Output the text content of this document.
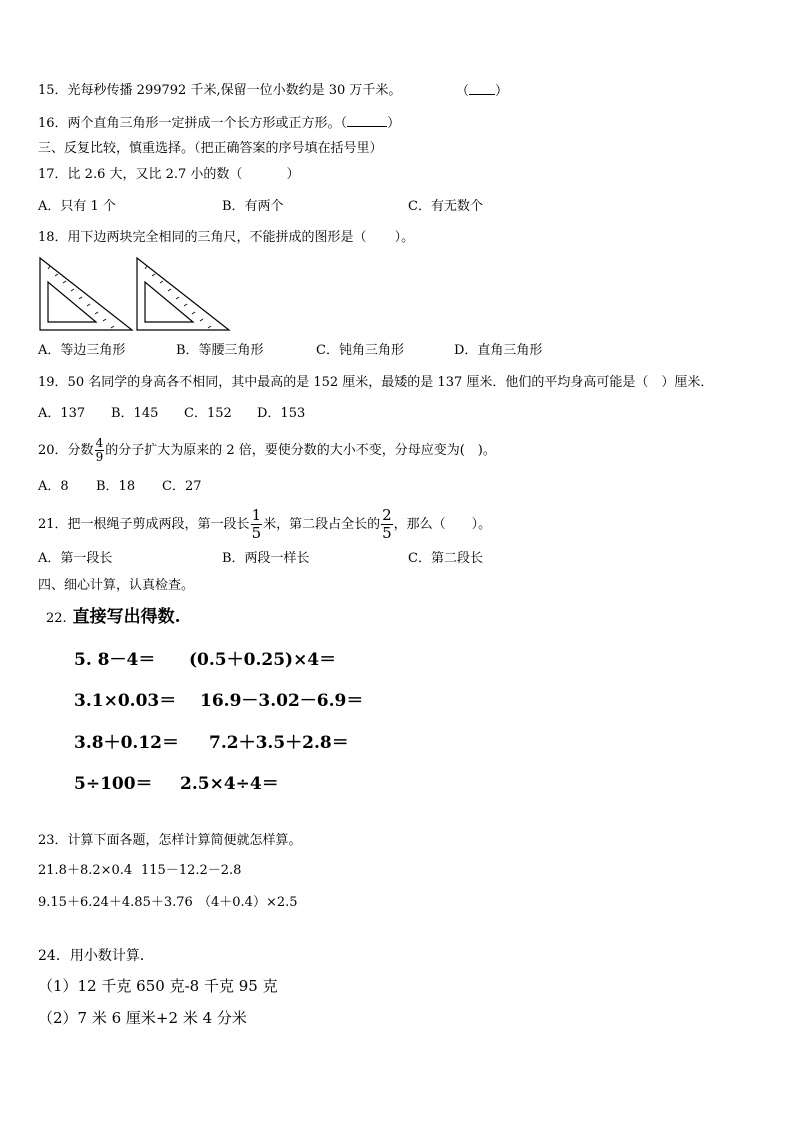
15．光每秒传播 299792 千米,保留一位小数约是 30 万千米。	（ ）
16．两个直角三角形一定拼成一个长方形或正方形。（	）
三、反复比较，慎重选择。（把正确答案的序号填在括号里）
17．比 2.6 大，又比 2.7 小的数（	）
A．只有 1 个	B．有两个	C．有无数个
18．用下边两块完全相同的三角尺，不能拼成的图形是（ ）。
A．等边三角形	B．等腰三角形	C．钝角三角形	D．直角三角形
19．50 名同学的身高各不相同，其中最高的是 152 厘米，最矮的是 137 厘米．他们的平均身高可能是（　）厘米．
A．137 B．145 C．152 D．153
20．分数 $\frac{4}{9}$ 的分子扩大为原来的 2 倍，要使分数的大小不变，分母应变为(　)。
A．8 B．18 C．27
21．把一根绳子剪成两段，第一段长 $\frac{1}{5}$ 米，第二段占全长的 $\frac{2}{5}$ ，那么（　　）。
A．第一段长	B．两段一样长	C．第二段长
四、细心计算，认真检查。
22. 直接写出得数.
5. 8－4＝ (0.5＋0.25)×4＝
3.1×0.03＝ 16.9－3.02－6.9＝
3.8＋0.12＝ 7.2＋3.5＋2.8＝
5÷100＝ 2.5×4÷4＝
23．计算下面各题，怎样计算简便就怎样算。
21.8＋8.2×0.4 115－12.2－2.8
9.15＋6.24＋4.85＋3.76 （4＋0.4）×2.5
24．用小数计算．
（1）12 千克 650 克-8 千克 95 克
（2）7 米 6 厘米+2 米 4 分米
